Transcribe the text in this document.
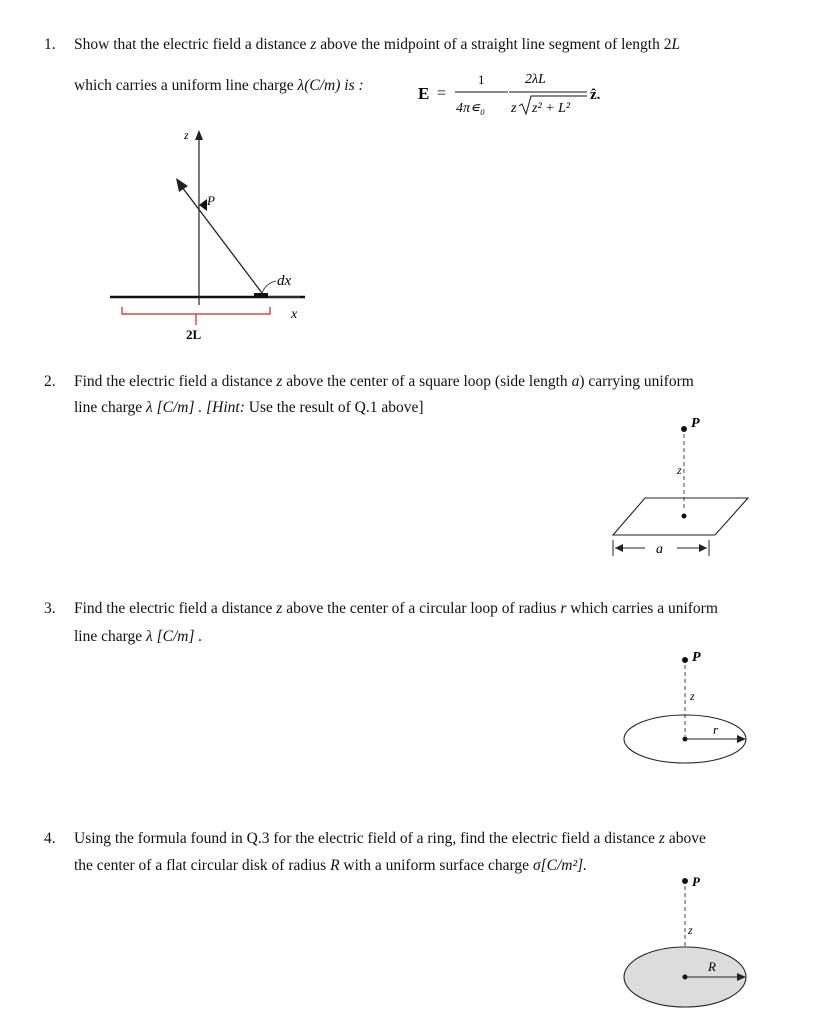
1. Show that the electric field a distance z above the midpoint of a straight line segment of length 2L
which carries a uniform line charge λ(C/m) is :	E =
1
4π∊₀
2λL
z z² + L²
ẑ.
z
x
P
dx
2L
2. Find the electric field a distance z above the center of a square loop (side length a) carrying uniform
line charge λ [C/m] . [Hint: Use the result of Q.1 above]
P
z
a
3. Find the electric field a distance z above the center of a circular loop of radius r which carries a uniform
line charge λ [C/m] .
P
z
r
4. Using the formula found in Q.3 for the electric field of a ring, find the electric field a distance z above
the center of a flat circular disk of radius R with a uniform surface charge σ[C/m²].
P
z
R
